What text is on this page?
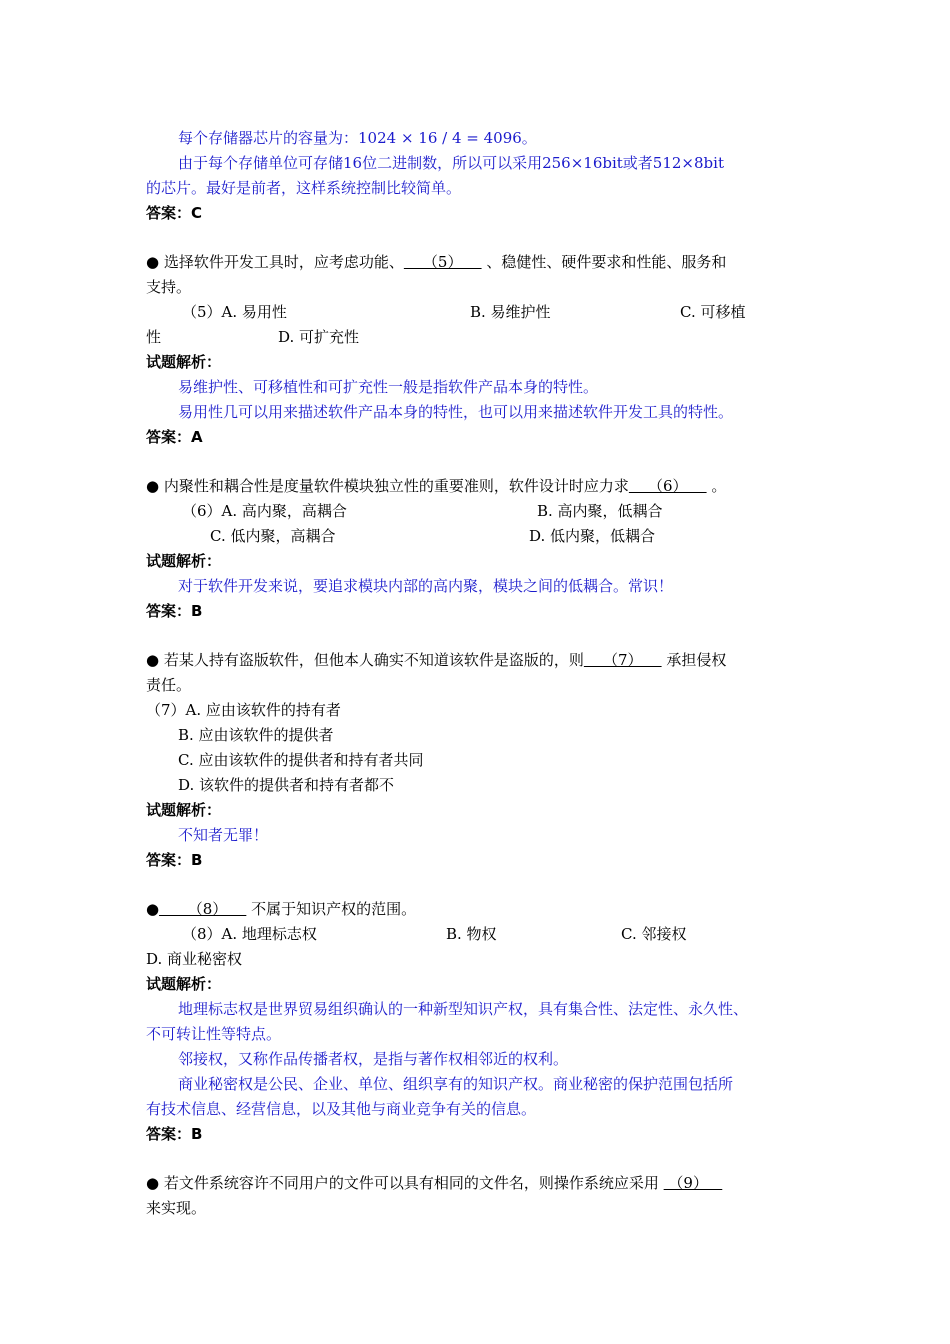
每个存储器芯片的容量为：1024 × 16 / 4 = 4096。
由于每个存储单位可存储16位二进制数，所以可以采用256×16bit或者512×8bit
的芯片。最好是前者，这样系统控制比较简单。
答案：C
● 选择软件开发工具时，应考虑功能、    （5）     、稳健性、硬件要求和性能、服务和
支持。
（5）A. 易用性	B. 易维护性	C. 可移植
性	D. 可扩充性
试题解析：
易维护性、可移植性和可扩充性一般是指软件产品本身的特性。
易用性几可以用来描述软件产品本身的特性，也可以用来描述软件开发工具的特性。
答案：A
● 内聚性和耦合性是度量软件模块独立性的重要准则，软件设计时应力求    （6）     。
（6）A. 高内聚，高耦合	B. 高内聚，低耦合
C. 低内聚，高耦合	D. 低内聚，低耦合
试题解析：
对于软件开发来说，要追求模块内部的高内聚，模块之间的低耦合。常识！
答案：B
● 若某人持有盗版软件，但他本人确实不知道该软件是盗版的，则    （7）     承担侵权
责任。
（7）A. 应由该软件的持有者
B. 应由该软件的提供者
C. 应由该软件的提供者和持有者共同
D. 该软件的提供者和持有者都不
试题解析：
不知者无罪！
答案：B
●      （8）     不属于知识产权的范围。
（8）A. 地理标志权	B. 物权	C. 邻接权
D. 商业秘密权
试题解析：
地理标志权是世界贸易组织确认的一种新型知识产权，具有集合性、法定性、永久性、
不可转让性等特点。
邻接权，又称作品传播者权，是指与著作权相邻近的权利。
商业秘密权是公民、企业、单位、组织享有的知识产权。商业秘密的保护范围包括所
有技术信息、经营信息，以及其他与商业竞争有关的信息。
答案：B
● 若文件系统容许不同用户的文件可以具有相同的文件名，则操作系统应采用  （9）
来实现。
